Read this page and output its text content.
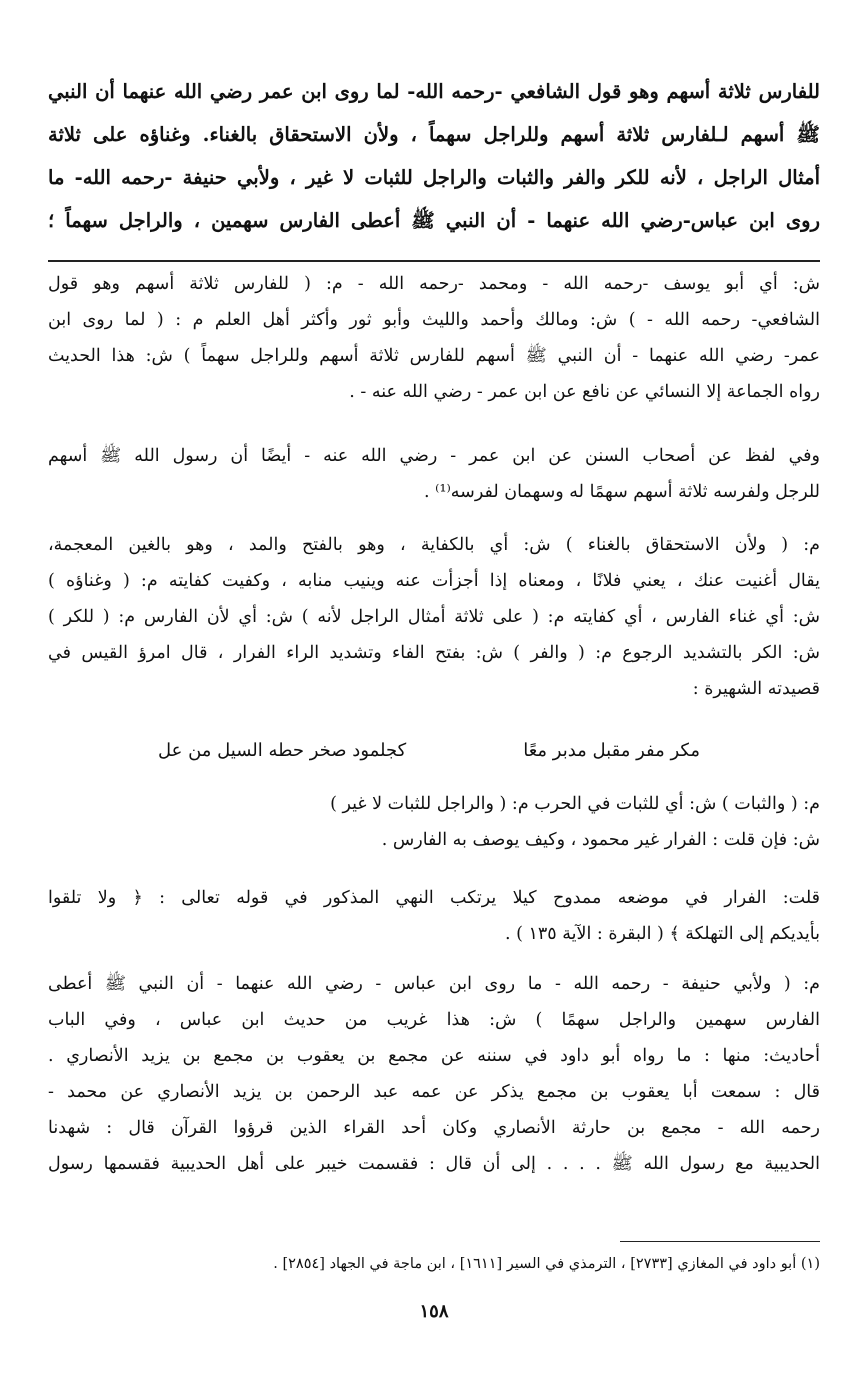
للفارس ثلاثة أسهم وهو قول الشافعي -رحمه الله- لما روى ابن عمر رضي الله عنهما أن النبي
ﷺ أسهم لـلفارس ثلاثة أسهم وللراجل سهماً ، ولأن الاستحقاق بالغناء. وغناؤه على ثلاثة
أمثال الراجل ، لأنه للكر والفر والثبات والراجل للثبات لا غير ، ولأبي حنيفة -رحمه الله- ما
روى ابن عباس-رضي الله عنهما - أن النبي ﷺ أعطى الفارس سهمين ، والراجل سهماً ؛
ش: أي أبو يوسف -رحمه الله - ومحمد -رحمه الله - م: ( للفارس ثلاثة أسهم وهو قول
الشافعي- رحمه الله - ) ش: ومالك وأحمد والليث وأبو ثور وأكثر أهل العلم م : ( لما روى ابن
عمر- رضي الله عنهما - أن النبي ﷺ أسهم للفارس ثلاثة أسهم وللراجل سهماً ) ش: هذا الحديث
رواه الجماعة إلا النسائي عن نافع عن ابن عمر - رضي الله عنه - .
وفي لفظ عن أصحاب السنن عن ابن عمر - رضي الله عنه - أيضًا أن رسول الله ﷺ أسهم
للرجل ولفرسه ثلاثة أسهم سهمًا له وسهمان لفرسه⁽¹⁾ .
م: ( ولأن الاستحقاق بالغناء ) ش: أي بالكفاية ، وهو بالفتح والمد ، وهو بالغين المعجمة،
يقال أغنيت عنك ، يعني فلانًا ، ومعناه إذا أجزأت عنه وينيب منابه ، وكفيت كفايته م: ( وغناؤه )
ش: أي غناء الفارس ، أي كفايته م: ( على ثلاثة أمثال الراجل لأنه ) ش: أي لأن الفارس م: ( للكر )
ش: الكر بالتشديد الرجوع م: ( والفر ) ش: بفتح الفاء وتشديد الراء الفرار ، قال امرؤ القيس في
قصيدته الشهيرة :
مكر مفر مقبل مدبر معًا
كجلمود صخر حطه السيل من عل
م: ( والثبات ) ش: أي للثبات في الحرب م: ( والراجل للثبات لا غير )
ش: فإن قلت : الفرار غير محمود ، وكيف يوصف به الفارس .
قلت: الفرار في موضعه ممدوح كيلا يرتكب النهي المذكور في قوله تعالى : ﴿ ولا تلقوا
بأيديكم إلى التهلكة ﴾ ( البقرة : الآية ١٣٥ ) .
م: ( ولأبي حنيفة - رحمه الله - ما روى ابن عباس - رضي الله عنهما - أن النبي ﷺ أعطى
الفارس سهمين والراجل سهمًا ) ش: هذا غريب من حديث ابن عباس ، وفي الباب
أحاديث: منها : ما رواه أبو داود في سننه عن مجمع بن يعقوب بن مجمع بن يزيد الأنصاري .
قال : سمعت أبا يعقوب بن مجمع يذكر عن عمه عبد الرحمن بن يزيد الأنصاري عن محمد -
رحمه الله - مجمع بن حارثة الأنصاري وكان أحد القراء الذين قرؤوا القرآن قال : شهدنا
الحديبية مع رسول الله ﷺ . . . . إلى أن قال : فقسمت خيبر على أهل الحديبية فقسمها رسول
(١) أبو داود في المغازي [٢٧٣٣] ، الترمذي في السير [١٦١١] ، ابن ماجة في الجهاد [٢٨٥٤] .
١٥٨
